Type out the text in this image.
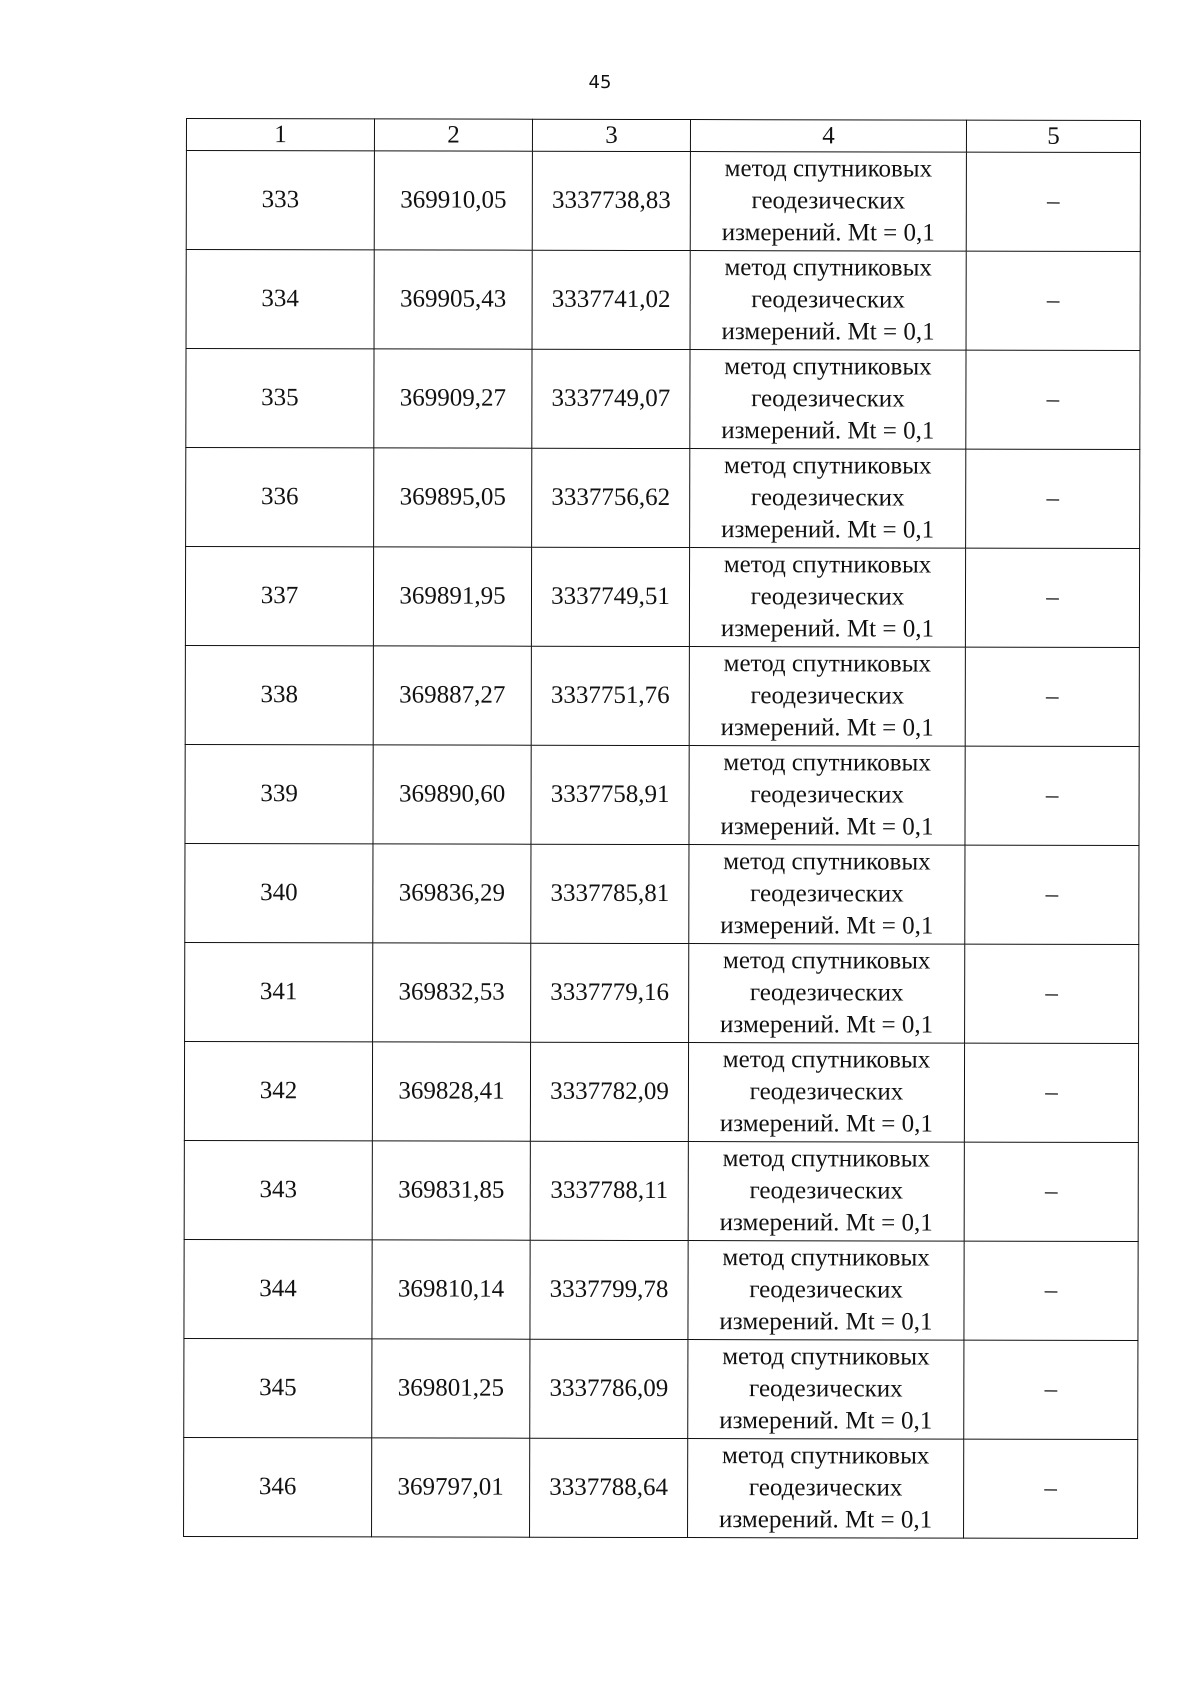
45
1	2	3	4	5
333	369910,05	3337738,83	метод спутниковых
геодезических
измерений. Mt = 0,1	–
334	369905,43	3337741,02	метод спутниковых
геодезических
измерений. Mt = 0,1	–
335	369909,27	3337749,07	метод спутниковых
геодезических
измерений. Mt = 0,1	–
336	369895,05	3337756,62	метод спутниковых
геодезических
измерений. Mt = 0,1	–
337	369891,95	3337749,51	метод спутниковых
геодезических
измерений. Mt = 0,1	–
338	369887,27	3337751,76	метод спутниковых
геодезических
измерений. Mt = 0,1	–
339	369890,60	3337758,91	метод спутниковых
геодезических
измерений. Mt = 0,1	–
340	369836,29	3337785,81	метод спутниковых
геодезических
измерений. Mt = 0,1	–
341	369832,53	3337779,16	метод спутниковых
геодезических
измерений. Mt = 0,1	–
342	369828,41	3337782,09	метод спутниковых
геодезических
измерений. Mt = 0,1	–
343	369831,85	3337788,11	метод спутниковых
геодезических
измерений. Mt = 0,1	–
344	369810,14	3337799,78	метод спутниковых
геодезических
измерений. Mt = 0,1	–
345	369801,25	3337786,09	метод спутниковых
геодезических
измерений. Mt = 0,1	–
346	369797,01	3337788,64	метод спутниковых
геодезических
измерений. Mt = 0,1	–
